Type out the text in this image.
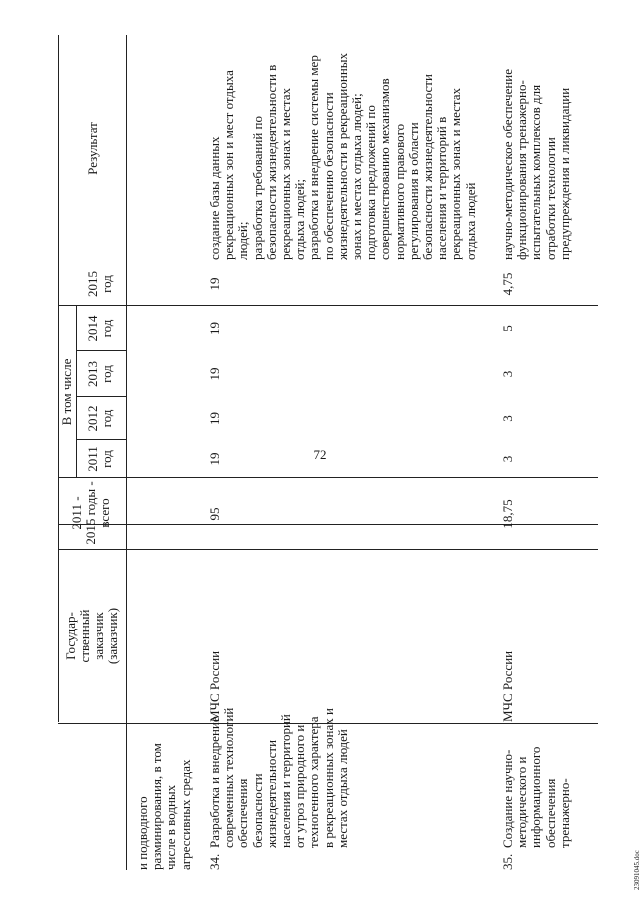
72
23091045.doc
Государ- ственный заказчик (заказчик)
2011 - 2015 годы - всего
В том числе
2011 год
2012 год
2013 год
2014 год
2015 год
Результат
и подводного разминирования, в том числе в водных агрессивных средах 34.
Разработка и внедрение современных технологий обеспечения безопасности жизнедеятельности населения и территорий от угроз природного и техногенного характера в рекреационных зонах и местах отдыха людей
МЧС России
95
19
19
19
19
19
создание базы данных рекреационных зон и мест отдыха людей; разработка требований по безопасности жизнедеятельности в рекреационных зонах и местах отдыха людей; разработка и внедрение системы мер по обеспечению безопасности жизнедеятельности в рекреационных зонах и местах отдыха людей; подготовка предложений по совершенствованию механизмов нормативного правового регулирования в области безопасности жизнедеятельности населения и территорий в рекреационных зонах и местах отдыха людей
35.
Создание научно- методического и информационного обеспечения тренажерно-
МЧС России
18,75
3
3
3
5
4,75
научно-методическое обеспечение функционирования тренажерно- испытательных комплексов для отработки технологии предупреждения и ликвидации
